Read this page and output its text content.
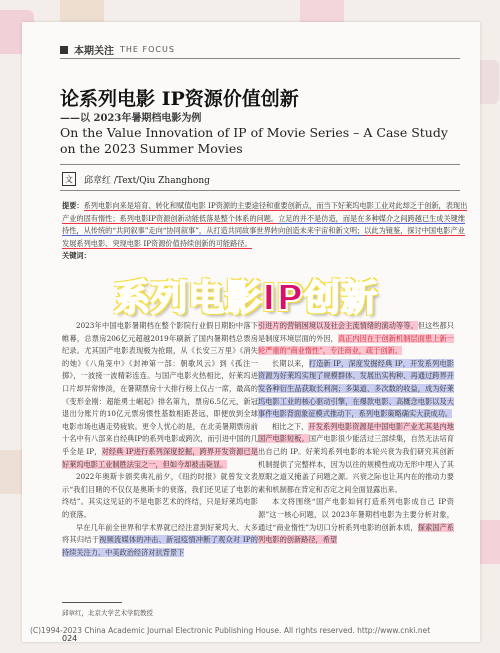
本期关注 THE FOCUS
论系列电影 IP资源价值创新
——以 2023年暑期档电影为例
On the Value Innovation of IP of Movie Series – A Case Study on the 2023 Summer Movies
文	邱章红 /Text/Qiu Zhanghong
提要：系列电影向来是培育、转化和赋值电影 IP资源的主要途径和重要创新点，而当下好莱坞电影工业对此却乏于创新，表现出产业的固有惰性；系列电影IP资源创新动能低落是整个体系的问题。立足的并不是仿造，而是在多种媒介之间跨越已生成关键维持性，从传统的“共同叙事”走向“协同叙事”，从打造共同故事世界转向创造未来宇宙和新文明；以此为镜鉴，探讨中国电影产业发展系列电影、突现电影 IP资源价值持续创新的可能路径。
关键词：
系列电影IP创新

2023年中国电影暑期档在整个影院行业假日期盼中落下帷幕，总票房206亿元超越2019年刷新了国内暑期档总票房纪录。尤其国产电影表现极为抢眼，从《长安三万里》《消失的她》《八角笼中》《封神第一部：朝歌风云》到《孤注一掷》，一波接一波精彩连连。与国产电影火热相比，好莱坞进口片却异常惨淡，在暑期票房十大排行榜上仅占一席，最高的《变形金刚：超能勇士崛起》排名第九，票房6.5亿元，新冠退出分账片的10亿元票房惯性基数相距甚远，即便放到全球电影市场也遇走势疲软。更令人忧心的是，在北美暑期票房前十名中有八部来自经典IP的系列电影或跨次，而引进中国的几乎全是 IP，对经典 IP进行系列深度挖掘，跨界开发资源已是好莱坞电影工业制胜法宝之一，但如今却被击毙显。

2022年奥斯卡颁奖典礼前夕，《纽约时报》就曾发文表示“我们目睹的不仅仅是奥斯卡的衰落，我们还见证了电影的终结”。其实这见证的不是电影艺术的终结，只是好莱坞电影的衰落。

早在几年前全世界和学术界就已经注意到好莱坞大、大多将其归结于视频流媒体的冲击、新冠疫情冲断了观众对 IP的持续关注力、中美政治经济对抗背景下

引进片的营销困境以及社会主流情绪的演动等等。但这些都只是制度环境层面的外因，真正内因在于创新机制层面患上新一轮严重的“商业惰性”，专注商业，疏于创新。

长期以来，打造新 IP，深度发掘经典 IP，开发系列电影资源为好莱坞实现了规模群体、发展出实构种、再通过跨界开发各种衍生品获取长利润；多渠道、多次数的收益，成为好莱坞电影工业的核心驱动引擎，在爆款电影、高概念电影以及大事件电影背面象征模式推动下，系列电影策略确实大获成功。

相比之下，开发系列电影资源是中国电影产业尤其是内地国产电影短板。国产电影很少能活过三部续集，自然无法培育出自己的 IP。好莱坞系列电影的本轮兴衰为我们研究其创新机制提供了完整样本，因为以往的规模性成功无形中埋入了其原眼之道又掩盖了问题之源。兴衰之际也让其内在的推动力要素和机制都在背定和否定之间全面显露出来。

本文将围绕“国产电影如何打造系列电影成自己 IP资源”这一核心问题，以 2023年暑期档电影为主要分析对象，通过“商业惰性”为切口分析系列电影的创新本质，探索国产系列电影的创新路径，希望

邱章红，北京大学艺术学院教授
024
(C)1994-2023 China Academic Journal Electronic Publishing House. All rights reserved. http://www.cnki.net
